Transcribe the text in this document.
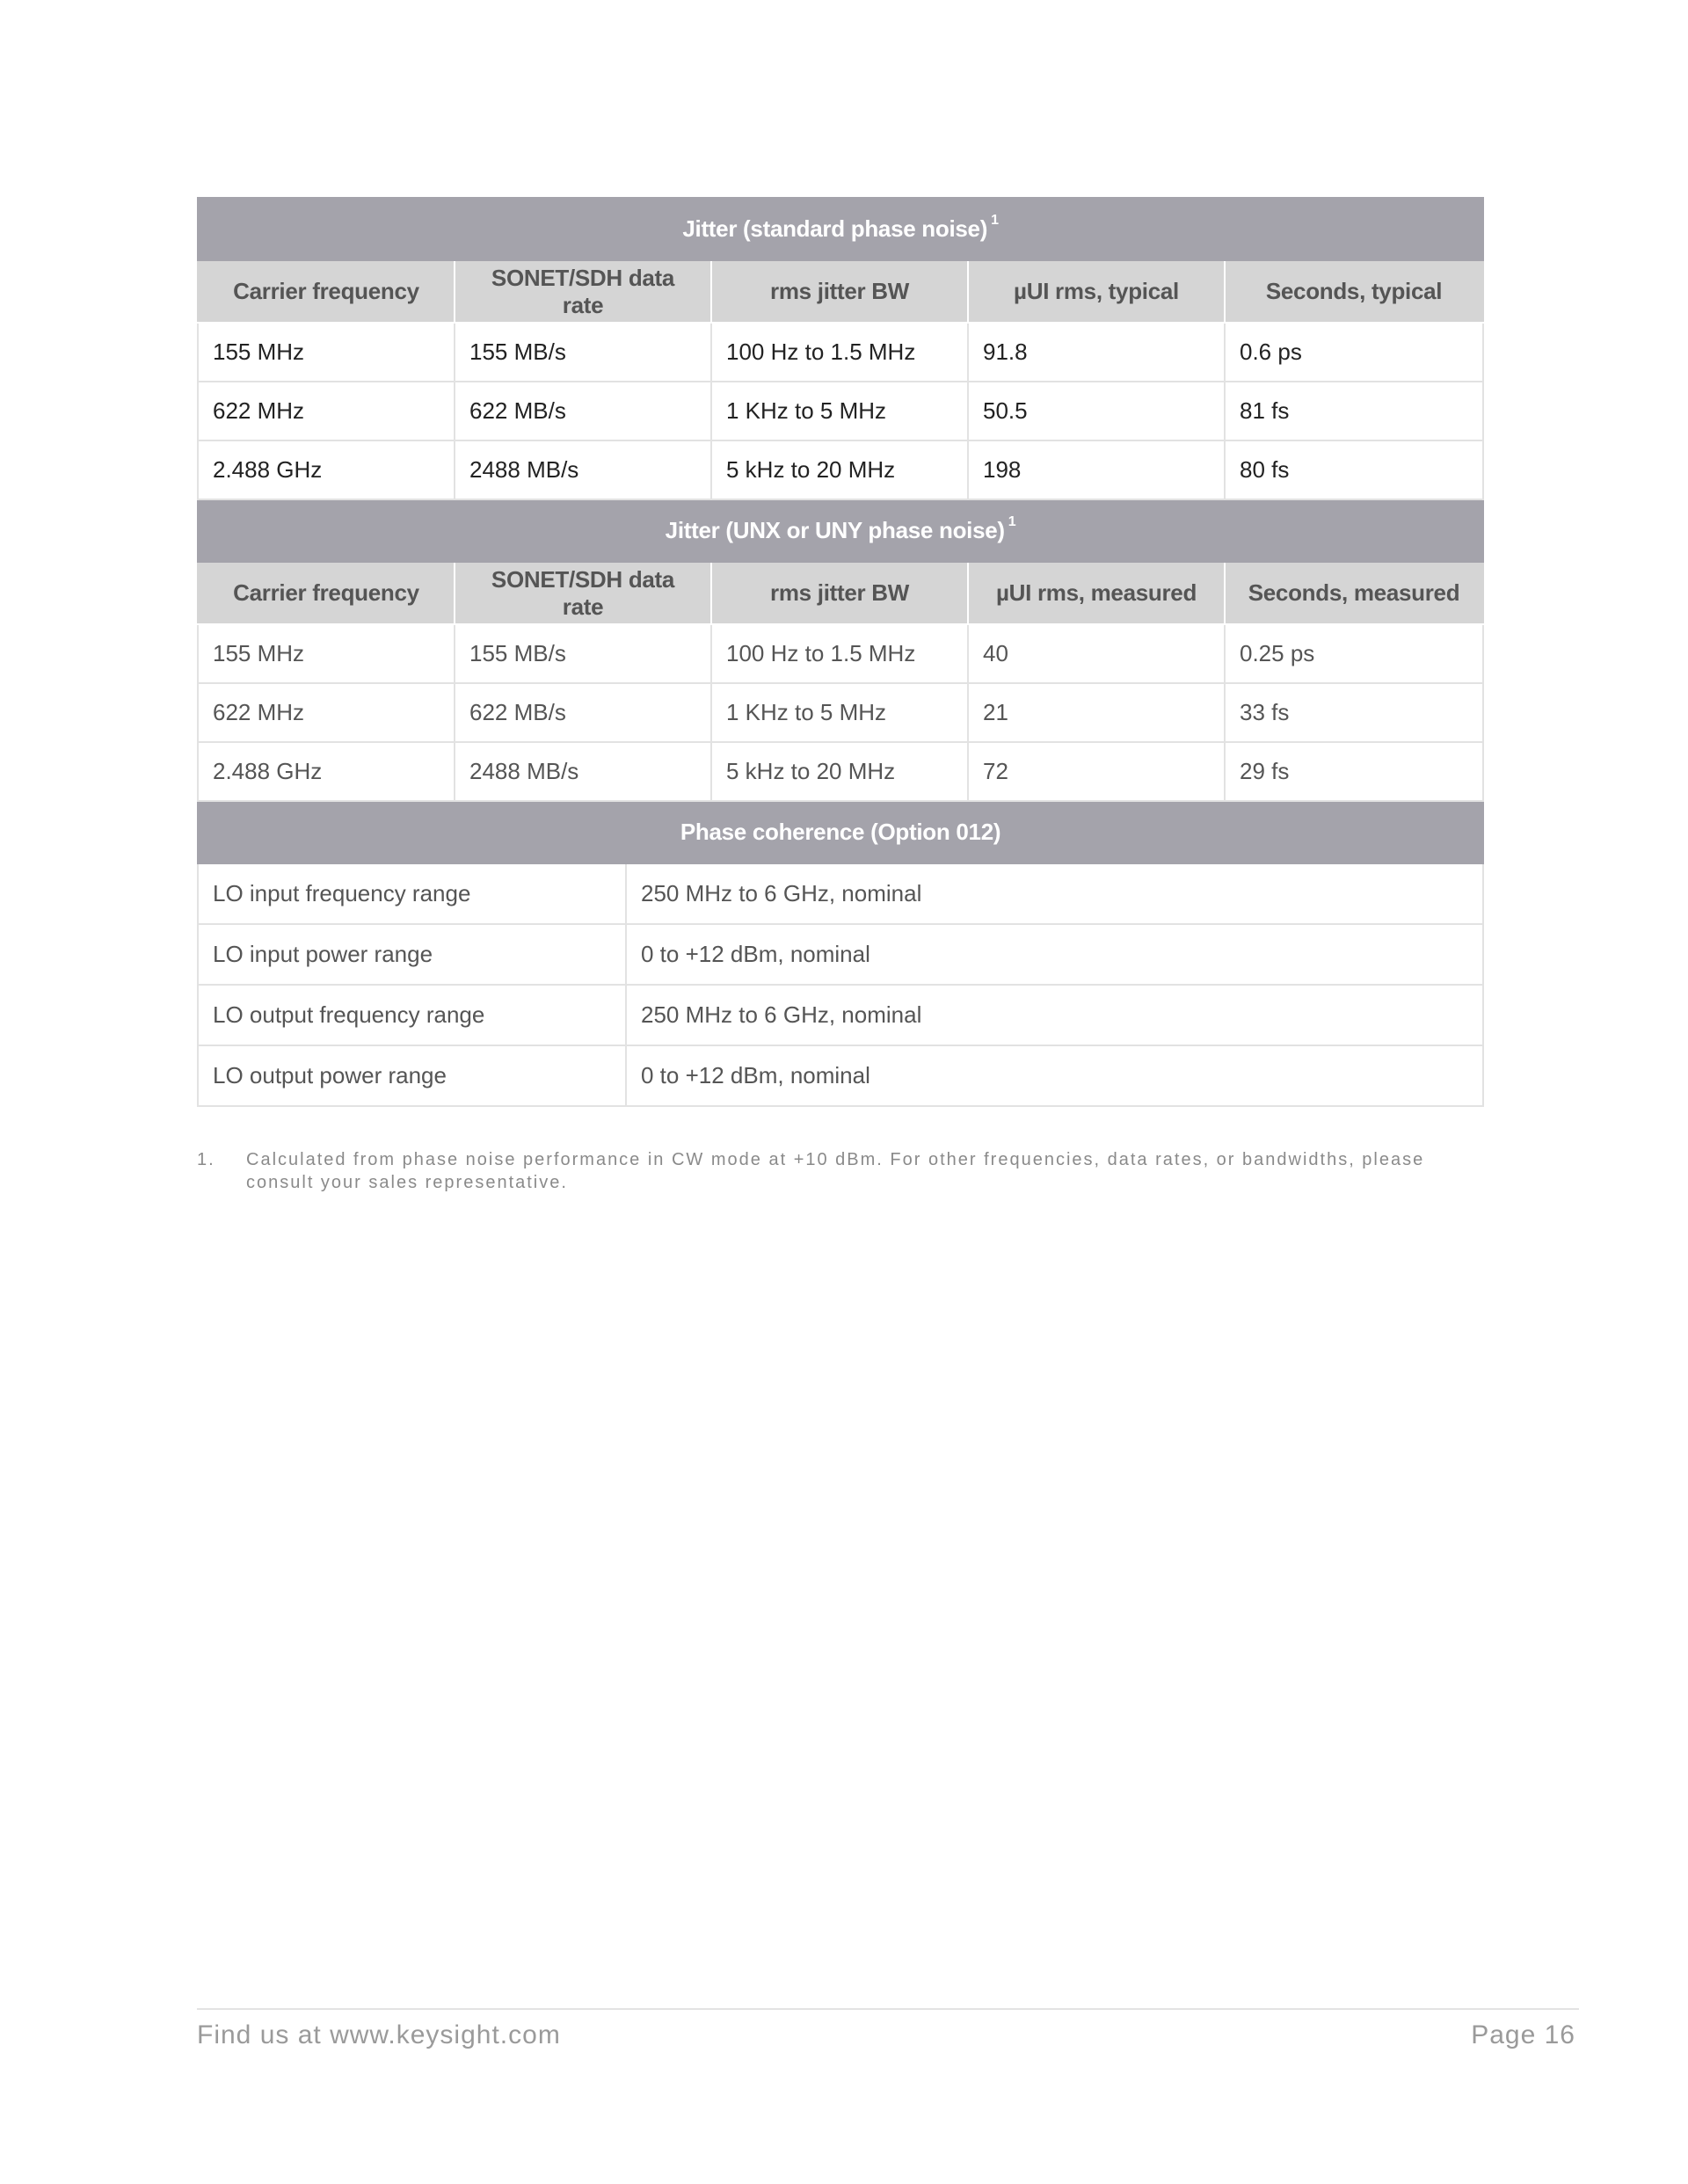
Jitter (standard phase noise) $^1$
Carrier frequency	SONET/SDH data rate		rms jitter BW	µUI rms, typical	Seconds, typical
155 MHz	155 MB/s		100 Hz to 1.5 MHz	91.8	0.6 ps
622 MHz	622 MB/s		1 KHz to 5 MHz	50.5	81 fs
2.488 GHz	2488 MB/s		5 kHz to 20 MHz	198	80 fs
Jitter (UNX or UNY phase noise) $^1$
Carrier frequency	SONET/SDH data rate		rms jitter BW	µUI rms, measured	Seconds, measured
155 MHz	155 MB/s		100 Hz to 1.5 MHz	40	0.25 ps
622 MHz	622 MB/s		1 KHz to 5 MHz	21	33 fs
2.488 GHz	2488 MB/s		5 kHz to 20 MHz	72	29 fs
Phase coherence (Option 012)					
LO input frequency range		250 MHz to 6 GHz, nominal			
LO input power range		0 to +12 dBm, nominal			
LO output frequency range		250 MHz to 6 GHz, nominal			
LO output power range		0 to +12 dBm, nominal			
1. Calculated from phase noise performance in CW mode at +10 dBm. For other frequencies, data rates, or bandwidths, please consult your sales representative.
Find us at www.keysight.com	Page 16
